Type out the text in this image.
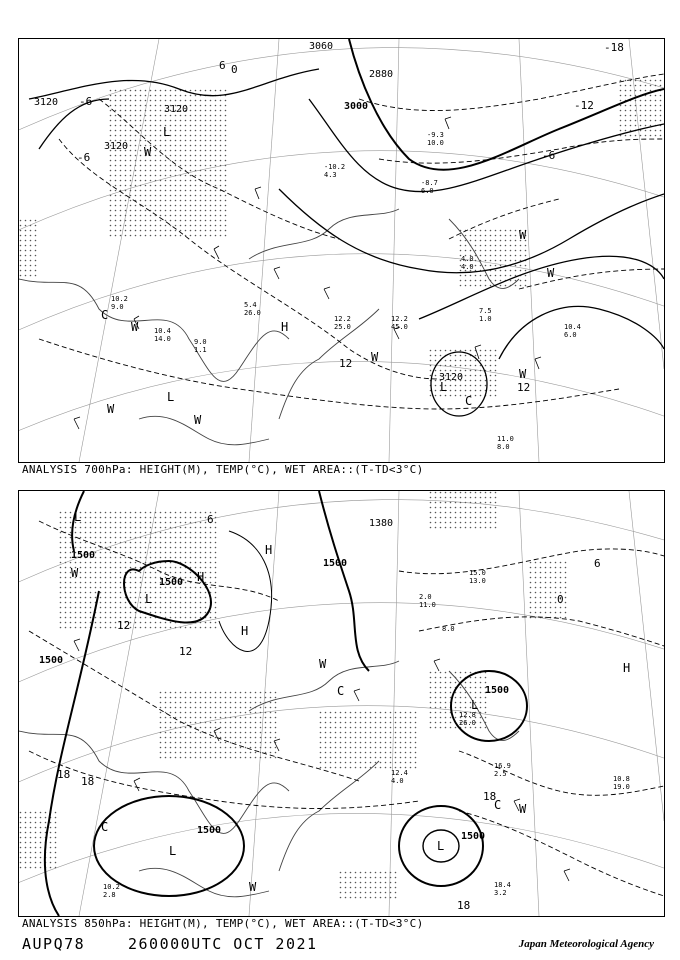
3120
3120
3120
3000
2880
3060
3120
-6
-6
-12
-18
0
6
12
12
-6
L
L
L
H
C
C
W
W
W
W
W
W
W
W
-10.2
4.3
-9.3
10.0
-8.7
6.0
10.2
9.0
12.2
45.0
12.2
25.0
7.5
1.0
10.4
6.0
11.0
8.0
10.4
14.0	9.0
1.1
4.0
4.0
5.4
26.0
ANALYSIS 700hPa: HEIGHT(M), TEMP(°C), WET AREA::(T-TD<3°C)
1500
1500
1500
1500
1500
1500
1380
1500
6
12
12
18
18
18
0
6
18
L
L
L
L
L
H
H
H
H
W
W
W
W
C
C
C
16.9
2.5
18.4
3.2
10.8
19.0
12.4
4.0
12.8
26.0
8.0
15.0
13.0
2.0
11.0
10.2
2.8
ANALYSIS 850hPa: HEIGHT(M), TEMP(°C), WET AREA::(T-TD<3°C)
AUPQ78	260000UTC OCT 2021	Japan Meteorological Agency
